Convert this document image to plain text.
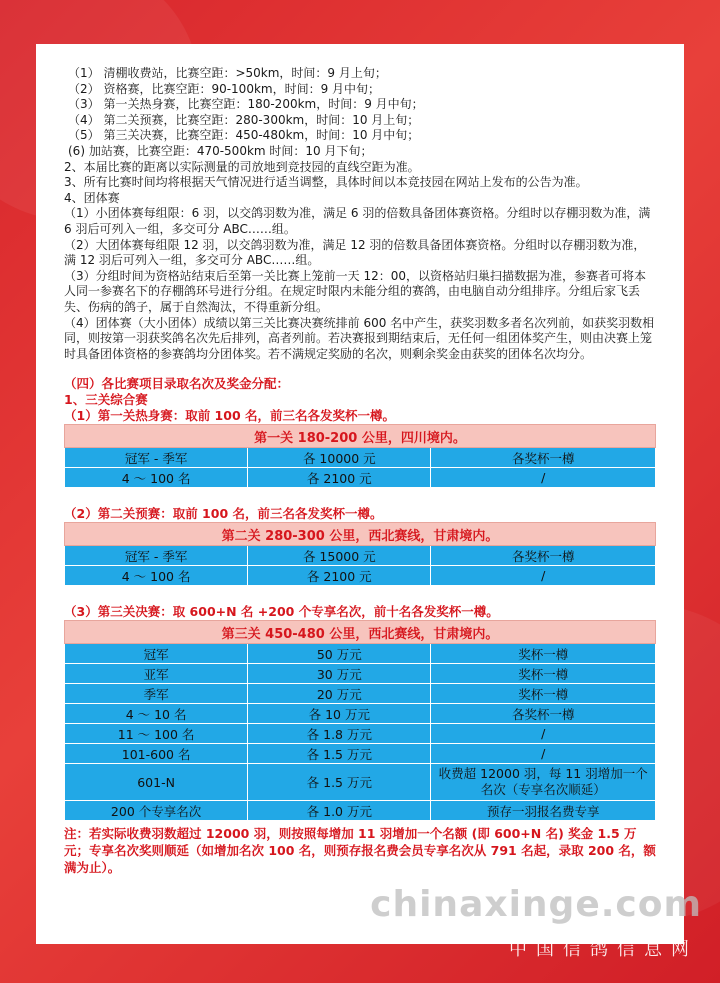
（1） 清棚收费站，比赛空距：>50km，时间：9 月上旬；
（2） 资格赛，比赛空距：90-100km，时间：9 月中旬；
（3） 第一关热身赛，比赛空距：180-200km，时间：9 月中旬；
（4） 第二关预赛，比赛空距：280-300km，时间：10 月上旬；
（5） 第三关决赛，比赛空距：450-480km，时间：10 月中旬；
(6) 加站赛，比赛空距：470-500km 时间：10 月下旬；
2、本届比赛的距离以实际测量的司放地到竞技园的直线空距为准。
3、所有比赛时间均将根据天气情况进行适当调整，具体时间以本竞技园在网站上发布的公告为准。
4、团体赛
（1）小团体赛每组限：6 羽，以交鸽羽数为准，满足 6 羽的倍数具备团体赛资格。分组时以存棚羽数为准，满 6 羽后可列入一组，多交可分 ABC……组。
（2）大团体赛每组限 12 羽，以交鸽羽数为准，满足 12 羽的倍数具备团体赛资格。分组时以存棚羽数为准，满 12 羽后可列入一组，多交可分 ABC……组。
（3）分组时间为资格站结束后至第一关比赛上笼前一天 12：00，以资格站归巢扫描数据为准，参赛者可将本人同一参赛名下的存棚鸽环号进行分组。在规定时限内未能分组的赛鸽，由电脑自动分组排序。分组后家飞丢失、伤病的鸽子，属于自然淘汰，不得重新分组。
（4）团体赛（大小团体）成绩以第三关比赛决赛统排前 600 名中产生，获奖羽数多者名次列前，如获奖羽数相同，则按第一羽获奖鸽名次先后排列，高者列前。若决赛报到期结束后，无任何一组团体奖产生，则由决赛上笼时具备团体资格的参赛鸽均分团体奖。若不满规定奖励的名次，则剩余奖金由获奖的团体名次均分。
（四）各比赛项目录取名次及奖金分配：
1、三关综合赛
（1）第一关热身赛：取前 100 名，前三名各发奖杯一樽。
第一关 180-200 公里，四川境内。		
冠军 - 季军	各 10000 元	各奖杯一樽
4 ～ 100 名	各 2100 元	/
（2）第二关预赛：取前 100 名，前三名各发奖杯一樽。
第二关 280-300 公里，西北赛线，甘肃境内。		
冠军 - 季军	各 15000 元	各奖杯一樽
4 ～ 100 名	各 2100 元	/
（3）第三关决赛：取 600+N 名 +200 个专享名次，前十名各发奖杯一樽。
第三关 450-480 公里，西北赛线，甘肃境内。		
冠军	50 万元	奖杯一樽
亚军	30 万元	奖杯一樽
季军	20 万元	奖杯一樽
4 ～ 10 名	各 10 万元	各奖杯一樽
11 ～ 100 名	各 1.8 万元	/
101-600 名	各 1.5 万元	/
601-N	各 1.5 万元	收费超 12000 羽，每 11 羽增加一个名次（专享名次顺延）
200 个专享名次	各 1.0 万元	预存一羽报名费专享
注：若实际收费羽数超过 12000 羽，则按照每增加 11 羽增加一个名额 (即 600+N 名) 奖金 1.5 万元；专享名次奖则顺延（如增加名次 100 名，则预存报名费会员专享名次从 791 名起，录取 200 名，额满为止）。
chinaxinge.com
中国信鸽信息网
